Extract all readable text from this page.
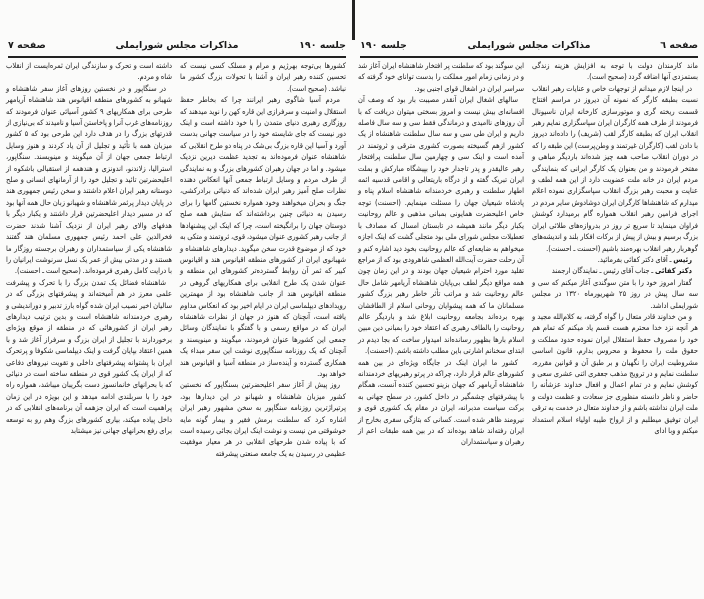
جلسه ۱۹۰
مذاکرات مجلس شورایملی
صفحه ۷

کشورها بی‌توجه بهرژیم و مرام و مسلک کسی نیست که تحسین کننده رهبر ایران و آشنا با تحولات بزرگ کشور ما نباشد. (صحیح است).

مردم آسیا شاگوی رهبر ایرانند چرا که بخاطر حفظ استقلال و امنیت و سرفرازی این قاره کهن را نوید میدهند که روزگاری رهبری دنیای متمدن را با خود داشته است و اینک دور نیست که جای شایسته خود را در سیاست جهانی بدست آورد و آسیا این قاره بزرگ بی‌شک در پناه دو طرح انقلابی که شاهنشاه عنوان فرموده‌اند به تجدید عظمت دیرین نزدیک میشود. و اما در جهان رهبران کشورهای بزرگ و به نمایندگی از طرف مردم و وسایل ارتباط جمعی آنها انعکاس دهنده نظرات صلح آمیز رهبر ایران شده‌اند که دنیائی برادرکشی، جنگ و بحران میخواهند وخود همواره نخستین گامها را برای رسیدن به دنیائی چنین برداشته‌اند که ستایش همه صلح دوستان جهان را برانگیخته است، چرا که اینک این پیشنهادها از جانب رهبر کشوری عنوان میشود، قوی، ثروتمند و متکی به خود که از موضوع قدرت سخن میگوید. دیدارهای شاهنشاه و شهبانوی ایران از کشورهای منطقه اقیانوس هند و اقیانوس کبیر که ثمر آن روابط گسترده‌تر کشورهای این منطقه و عنوان شدن یک طرح انقلابی برای همکاریهای گروهی در منطقه اقیانوس هند از جانب شاهنشاه بود از مهمترین رویدادهای دیپلماسی ایران در ایام اخیر بود که انعکاس مداوم یافته است، آنچنان که هنوز در جهان از نظرات شاهنشاه ایران که در مواقع رسمی و با گفتگو با نمایندگان وسائل جمعی این کشورها عنوان فرمودند، میگویند و مینویسند و آنچنان که یک روزنامه سنگاپوری نوشت این سفر مبداء یک همکاری گسترده و آینده‌ساز در منطقه آسیا و اقیانوس هند خواهد بود.

روز پیش از آغاز سفر اعلیحضرتین بسنگاپور که نخستین کشور میزبان شاهنشاه و شهبانو در این دیدارها بود، پرتیراژترین روزنامه سنگاپور به سخن مشهور رهبر ایران اشاره کرد که سلطنت برمش فقیر و بیمار گونه مایه خوشوقتی من نیست و نوشت اینک ایران بجائی رسیده است که با پیاده شدن طرحهای انقلابی در هر معیار موفقیت عظیمی در رسیدن به یک جامعه صنعتی پیشرفته

داشته است و تحرک و سازندگی ایران ثمره‌ایست از انقلاب شاه و مردم.

در سنگاپور و در نخستین روزهای آغاز سفر شاهنشاه و شهبانو به کشورهای منطقه اقیانوس هند شاهنشاه آریامهر طرحی برای همکاریهای ۹ کشور آسیائی عنوان فرمودند که روزنامه‌های غرب آنرا و پاخاستن آسیا و نامیدند که بی‌نیازی از قدرتهای بزرگ را در هدف دارد این طرحی بود که ۵ کشور میزبان همه با تأئید و تجلیل از آن یاد کردند و هنوز وسایل ارتباط جمعی جهان از آن میگویند و مینویسند. سنگاپور، استرالیا، زلاندنو، اندونزی و هندهمه از استقبالی باشکوه از اعلیحضرتین تائید و تجلیل خود را از آرمانهای انسانی و صلح دوستانه رهبر ایران اعلام داشتند و سخن رئیس جمهوری هند در پایان دیدار پرثمر شاهنشاه و شهبانو زبان حال همه آنها بود که در مسیر دیدار اعلیحضرتین قرار داشتند و یکبار دیگر با هدفهای والای رهبر ایران از نزدیک آشنا شدند حضرت فخرالدین علی احمد رئیس جمهوری مسلمان هند گفتند شاهنشاه یکی از سیاستمداران و رهبران برجسته روزگار ما هستند و در مدتی بیش از عمر یک نسل سرنوشت ایرانیان را با درایت کامل رهبری فرموده‌اند. (صحیح است ـ احسنت).

شاهنشاه فضائل یک تمدن بزرگ را با تحرک و پیشرفت علمی معرز در هم آمیخته‌اند و پیشرفتهای بزرگی که در سالیان اخیر نصیب ایران شده گواه بارز تدبیر و دوراندیشی و رهبری خردمندانه شاهنشاه است و بدین ترتیب دیدارهای رهبر ایران از کشورهائی که در منطقه از موقع ویژه‌ای برخوردارند با تجلیل از ایران بزرگ و سرفراز آغاز شد و با همین اعتقاد بپایان گرفت و اینک دیپلماسی شکوفا و پرتحرک ایران با پشتوانه پیشرفتهای داخلی و تقویت نیروهای دفاعی که از ایران یک کشور قوی در منطقه ساخته است در دنیائی که با بحرانهای خانمانسوز دست بگریبان میباشد، همواره راه خود را با سربلندی ادامه میدهد و این بویژه در این زمان پراهمیت است که ایران جزهمه آن برنامه‌های انقلابی که در داخل پیاده میکند، بیاری کشورهای بزرگ وهم رو به توسعه برای رفع بحرانهای جهانی نیز میشتابد

صفحه ٦
مذاکرات مجلس شورایملی
جلسه ۱۹۰

ماند کارمندان دولت با توجه به افزایش هزینه زندگی بستمزدی آنها اضافه گردد (صحیح است).

در اینجا لازم میدانم از توجهات خاص و عنایات رهبر انقلاب نسبت بطبقه کارگر که نمونه آن دیروز در مراسم افتتاح قسمت ریخته گری و موتورسازی کارخانه ایران ناسیونال فرمودند از طرف همه کارگران ایران سپاسگزاری نمایم رهبر انقلاب ایران که بطبقه کارگر لقب (شریف) را داده‌اند دیروز با دادن لقب (کارگران غیرتمند و وطن‌پرست) این طبقه را که در دوران انقلاب صاحب همه چیز شده‌اند باردیگر مباهی و مفتخر فرمودند و من بعنوان یک کارگر ایرانی که بنمایندگی مردم ایران در خانه ملت عضویت دارد از این همه لطف و عنایت و محبت رهبر بزرگ انقلاب سپاسگزاری نموده اعلام میدارم که شاهنشاها کارگران ایران دوشادوش سایر مردم در اجرای فرامین رهبر انقلاب همواره گام برمیدارد کوشش فراوان مینماید تا سریع تر روز در بدروازه‌های طلائی ایران بزرگ برسیم و بیش از پیش از برکات افکار بلند و اندیشه‌های گوهربار رهبر انقلاب بهره‌مند باشیم (احسنت ـ احسنت).

رئیس ـ آقای دکتر کفائی بفرمائید.

دکتر کفائی ـ جناب آقای رئیس ـ نمایندگان ارجمند

گفتار امروز خود را با متن سوگندی آغاز میکنم که سی و سه سال پیش در روز ۲۵ شهریورماه ۱۳۲۰ در مجلس شورایملی اداشد.

و من خداوند قادر متعال را گواه گرفته، به کلام‌الله مجید و هر آنچه نزد خدا محترم هست قسم یاد میکنم که تمام هم خود را مصروف حفظ استقلال ایران نموده حدود مملکت و حقوق ملت را محفوظ و محروس بدارم، قانون اساسی مشروطیت ایران را نگهبان و بر طبق آن و قوانین مقرره، سلطنت نمایم و در ترویج مذهب جعفری اثنی عشری سعی و کوشش نمایم و در تمام اعمال و افعال خداوند عزشأنه را حاضر و ناظر دانسته منظوری جز سعادت و عظمت دولت و ملت ایران نداشته باشم و از خداوند متعال در خدمت به ترقی ایران توفیق میطلبم و از ارواح طیبه اولیاء اسلام استمداد میکنم و وبا ادای

این سوگند بود که سلطنت پر افتخار شاهنشاه ایران آغاز شد و در زمانی زمام امور مملکت را بدست توانای خود گرفته که سراسر ایران در اشغال قوای اجنبی بود.

سالهای اشغال ایران آنقدر مصیبت بار بود که وصف آن افسانه‌ای بیش نیست و امروز بسختی میتوان دریافت که با آن روزهای ناامیدی و درماندگی فقط سی و سه سال فاصله داریم و ایران طی سی و سه سال سلطنت شاهنشاه از یک کشور ازهم گسیخته بصورت کشوری مترقی و ثروتمند در آمده است و اینک سی و چهارمین سال سلطنت پرافتخار رهبر عالیقدر و پدر تاجدار خود را بپیشگاه مبارکش و بملت ایران تبریک گفته و از درگاه باریتعالی و اقامی قدسیه ائمه اطهار سلطنت و رهبری خردمندانه شاهنشاه اسلام پناه و پادشاه شیعیان جهان را مسئلت مینمایم. (احسنت) توجه خاص اعلیحضرت همایونی بمبانی مذهبی و عالم روحانیت یکبار دیگر مانند همیشه در تابستان امسال که مصادف با تعطیلات مجلس شورای ملی بود متجلی گشت که اینک اجازه میخواهم به ضایعه‌ای که عالم روحانیت بخود دید اشاره کنم و آن رحلت حضرت آیت‌الله العظمی شاهرودی بود که از مراجع تقلید مورد احترام شیعیان جهان بودند و در این زمان چون همه مواقع دیگر لطف بی‌پایان شاهنشاه آریامهر شامل حال عالم روحانیت شد و مراتب تأثر خاطر رهبر بزرگ کشور مسلمانان ما که همه پیشوایان روحانی اسلام از الطافشان بهره برده‌اند بجامعه روحانیت ابلاغ شد و باردیگر عالم روحانیت را بالطاف رهبری که اعتقاد خود را بمبانی دین مبین اسلام بارها بظهور رسانده‌اند امیدوار ساخت که بجا دیدم در ابتدای سخنانم اشارتی باین مطلب داشته باشم. (احسنت).

کشور ما ایران اینک در جایگاه ویژه‌ای در بین همه کشورهای عالم قرار دارد، چراکه در پرتو رهبریهای خردمندانه شاهنشاه آریامهر که جهان بزینو تحسین کننده آنست، همگام با پیشرفتهای چشمگیر در داخل کشور، در سطح جهانی به برکت سیاست مدبرانه، ایران در مقام یک کشوری قوی و نیرومند ظاهر شده است. کسانی که بتازگی سفری بخارج از ایران رفته‌اند شاهد بوده‌اند که در بین همه طبقات اعم از رهبران و سیاستمداران
